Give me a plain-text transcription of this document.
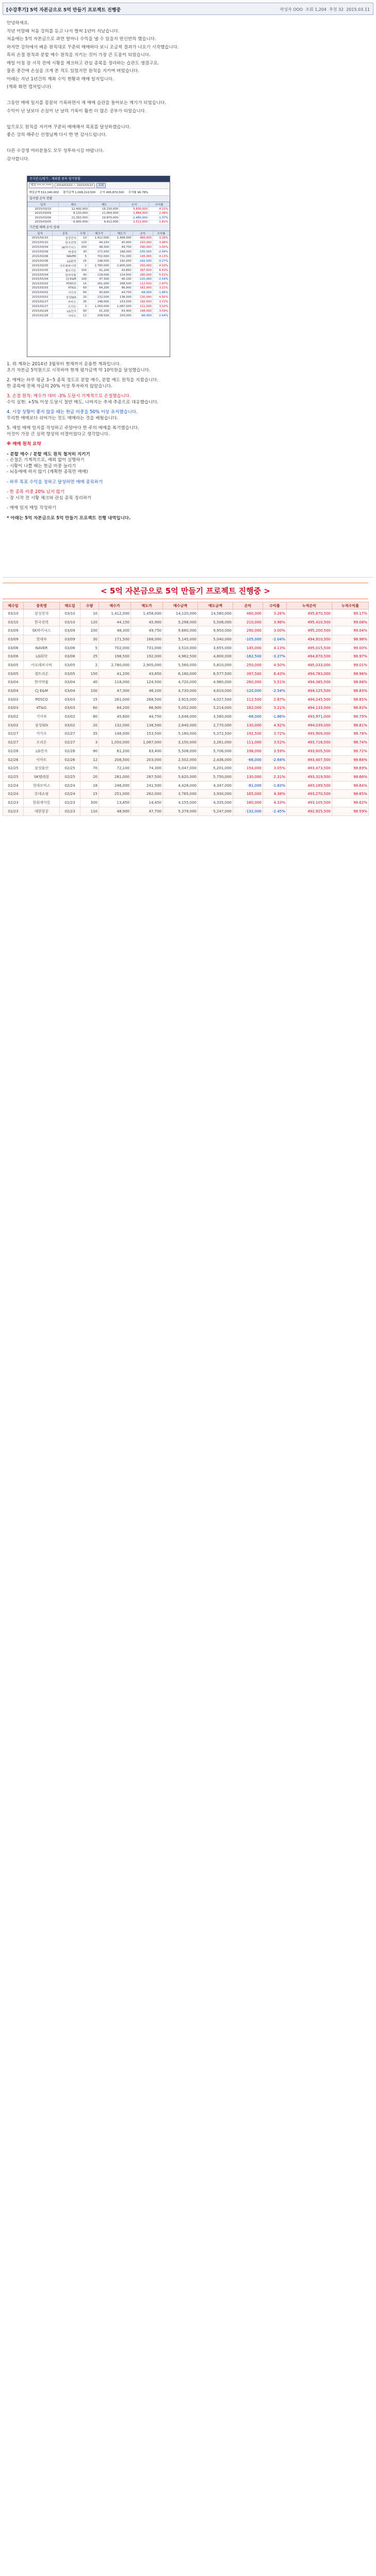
[수강후기] 5억 자본금으로 5억 만들기 프로젝트 진행중	작성자 OOO 조회 1,204 추천 32 2015.03.11

안녕하세요.

작년 이맘때 처음 강의를 듣고 나서 벌써 1년이 지났습니다.

처음에는 5억 자본금으로 과연 얼마나 수익을 낼 수 있을지 반신반의 했습니다.

하지만 강의에서 배운 원칙대로 꾸준히 매매하다 보니 조금씩 결과가 나오기 시작했습니다.

특히 손절 원칙과 분할 매수 원칙을 지키는 것이 가장 큰 도움이 되었습니다.

매일 아침 장 시작 전에 시황을 체크하고 관심 종목을 정리하는 습관도 생겼구요.

물론 중간에 손실을 크게 본 적도 있었지만 원칙을 지키며 버텼습니다.

아래는 지난 1년간의 계좌 수익 현황과 매매 일지입니다.

(계좌 화면 캡처입니다)

그동안 매매 일지를 꼼꼼히 기록하면서 제 매매 습관을 돌아보는 계기가 되었습니다.

수익이 난 날보다 손실이 난 날의 기록이 훨씬 더 많은 공부가 되었습니다.

앞으로도 원칙을 지키며 꾸준히 매매해서 목표를 달성하겠습니다.

좋은 강의 해주신 선생님께 다시 한 번 감사드립니다.

다른 수강생 여러분들도 모두 성투하시길 바랍니다.

감사합니다.

주식잔고/평가 - 계좌별 종목 평가현황
계좌 ***-**-****	2014/03/10 ~ 2015/03/10	조회
매입금액 512,340,000 평가금액 1,008,210,500 손익 495,870,500 수익률 96.78%
일자별 손익 현황
일자	매수	매도	손익	수익률
2015/03/10	12,400,000	18,230,000	5,830,000	4.21%
2015/03/09	8,120,000	11,004,000	2,884,000	2.08%
2015/03/06	21,350,000	19,870,000	-1,480,000	-1.07%
2015/03/05	6,900,000	9,412,000	2,512,000	1.81%
기간별 매매 손익 상세
일자	종목	수량	매수가	매도가	손익	수익률
2015/03/10	삼성전자	10	1,412,000	1,458,000	460,000	3.26%
2015/03/10	한국전력	120	44,150	45,900	210,000	3.96%
2015/03/09	SK하이닉스	200	48,300	49,750	290,000	3.00%
2015/03/09	현대차	30	171,500	168,000	-105,000	-2.04%
2015/03/06	NAVER	5	702,000	731,000	145,000	4.13%
2015/03/06	LG화학	25	198,500	192,000	-162,500	-3.27%
2015/03/05	아모레퍼시픽	2	2,780,000	2,905,000	250,000	4.50%
2015/03/05	셀트리온	150	41,200	43,850	397,500	6.43%
2015/03/04	한미약품	40	118,000	124,500	260,000	5.51%
2015/03/04	CJ E&M	100	47,300	46,100	-120,000	-2.54%
2015/03/03	POSCO	15	261,000	268,500	112,500	2.87%
2015/03/03	KT&G	60	84,200	86,900	162,000	3.21%
2015/03/02	기아차	80	45,600	44,750	-68,000	-1.86%
2015/03/02	삼성SDI	20	132,000	138,500	130,000	4.92%
2015/02/27	카카오	35	148,000	153,500	192,500	3.72%
2015/02/27	오리온	3	1,050,000	1,087,000	111,000	3.52%
2015/02/26	LG전자	90	61,200	63,400	198,000	3.59%
2015/02/26	이마트	12	208,500	203,000	-66,000	-2.64%

1. 위 계좌는 2014년 3월부터 현재까지 운용한 계좌입니다.

초기 자본금 5억원으로 시작하여 현재 평가금액 약 10억원을 달성했습니다.

2. 매매는 하루 평균 3~5 종목 정도로 분할 매수, 분할 매도 원칙을 지켰습니다.

한 종목에 전체 자금의 20% 이상 투자하지 않았습니다.

3. 손절 원칙: 매수가 대비 -3% 도달시 기계적으로 손절했습니다.

수익 실현: +5% 이상 도달시 절반 매도, 나머지는 추세 추종으로 대응했습니다.

4. 시장 상황이 좋지 않을 때는 현금 비중을 50% 이상 유지했습니다.

무리한 매매보다 쉬어가는 것도 매매라는 것을 배웠습니다.

5. 매일 매매 일지를 작성하고 주말마다 한 주의 매매를 복기했습니다.

이것이 가장 큰 실력 향상의 비결이었다고 생각합니다.

※ 매매 원칙 요약

- 분할 매수 / 분할 매도 원칙 철저히 지키기

- 손절은 기계적으로, 예외 없이 실행하기

- 시황이 나쁠 때는 현금 비중 늘리기

- 뇌동매매 하지 않기 (계획한 종목만 매매)

- 하루 목표 수익을 정하고 달성하면 매매 종료하기

- 한 종목 비중 20% 넘지 않기

- 장 시작 전 시황 체크와 관심 종목 정리하기

- 매매 일지 매일 작성하기

* 아래는 5억 자본금으로 5억 만들기 프로젝트 진행 내역입니다.

< 5억 자본금으로 5억 만들기 프로젝트 진행중 >
매수일	종목명	매도일	수량	매수가	매도가	매수금액	매도금액	손익	수익률	누적손익	누적수익률
03/10	삼성전자	03/10	10	1,412,000	1,458,000	14,120,000	14,580,000	460,000	3.26%	495,870,500	99.17%
03/10	한국전력	03/10	120	44,150	45,900	5,298,000	5,508,000	210,000	3.96%	495,410,500	99.08%
03/09	SK하이닉스	03/09	200	48,300	49,750	9,660,000	9,950,000	290,000	3.00%	495,200,500	99.04%
03/09	현대차	03/09	30	171,500	168,000	5,145,000	5,040,000	-105,000	-2.04%	494,910,500	98.98%
03/06	NAVER	03/06	5	702,000	731,000	3,510,000	3,655,000	145,000	4.13%	495,015,500	99.00%
03/06	LG화학	03/06	25	198,500	192,000	4,962,500	4,800,000	-162,500	-3.27%	494,870,500	98.97%
03/05	아모레퍼시픽	03/05	2	2,780,000	2,905,000	5,560,000	5,810,000	250,000	4.50%	495,033,000	99.01%
03/05	셀트리온	03/05	150	41,200	43,850	6,180,000	6,577,500	397,500	6.43%	494,783,000	98.96%
03/04	한미약품	03/04	40	118,000	124,500	4,720,000	4,980,000	260,000	5.51%	494,385,500	98.88%
03/04	CJ E&M	03/04	100	47,300	46,100	4,730,000	4,610,000	-120,000	-2.54%	494,125,500	98.83%
03/03	POSCO	03/03	15	261,000	268,500	3,915,000	4,027,500	112,500	2.87%	494,245,500	98.85%
03/03	KT&G	03/03	60	84,200	86,900	5,052,000	5,214,000	162,000	3.21%	494,133,000	98.83%
03/02	기아차	03/02	80	45,600	44,750	3,648,000	3,580,000	-68,000	-1.86%	493,971,000	98.79%
03/02	삼성SDI	03/02	20	132,000	138,500	2,640,000	2,770,000	130,000	4.92%	494,039,000	98.81%
02/27	카카오	02/27	35	148,000	153,500	5,180,000	5,372,500	192,500	3.72%	493,909,000	98.78%
02/27	오리온	02/27	3	1,050,000	1,087,000	3,150,000	3,261,000	111,000	3.52%	493,716,500	98.74%
02/26	LG전자	02/26	90	61,200	63,400	5,508,000	5,706,000	198,000	3.59%	493,605,500	98.72%
02/26	이마트	02/26	12	208,500	203,000	2,502,000	2,436,000	-66,000	-2.64%	493,407,500	98.68%
02/25	삼성물산	02/25	70	72,100	74,300	5,047,000	5,201,000	154,000	3.05%	493,473,500	98.69%
02/25	SK텔레콤	02/25	20	281,000	287,500	5,620,000	5,750,000	130,000	2.31%	493,319,500	98.66%
02/24	현대모비스	02/24	18	246,000	241,500	4,428,000	4,347,000	-81,000	-1.83%	493,189,500	98.64%
02/24	롯데쇼핑	02/24	15	251,000	262,000	3,765,000	3,930,000	165,000	4.38%	493,270,500	98.65%
02/23	한화케미칼	02/23	300	13,850	14,450	4,155,000	4,335,000	180,000	4.33%	493,105,500	98.62%
02/23	대한항공	02/23	110	48,900	47,700	5,379,000	5,247,000	-132,000	-2.45%	492,925,500	98.59%
